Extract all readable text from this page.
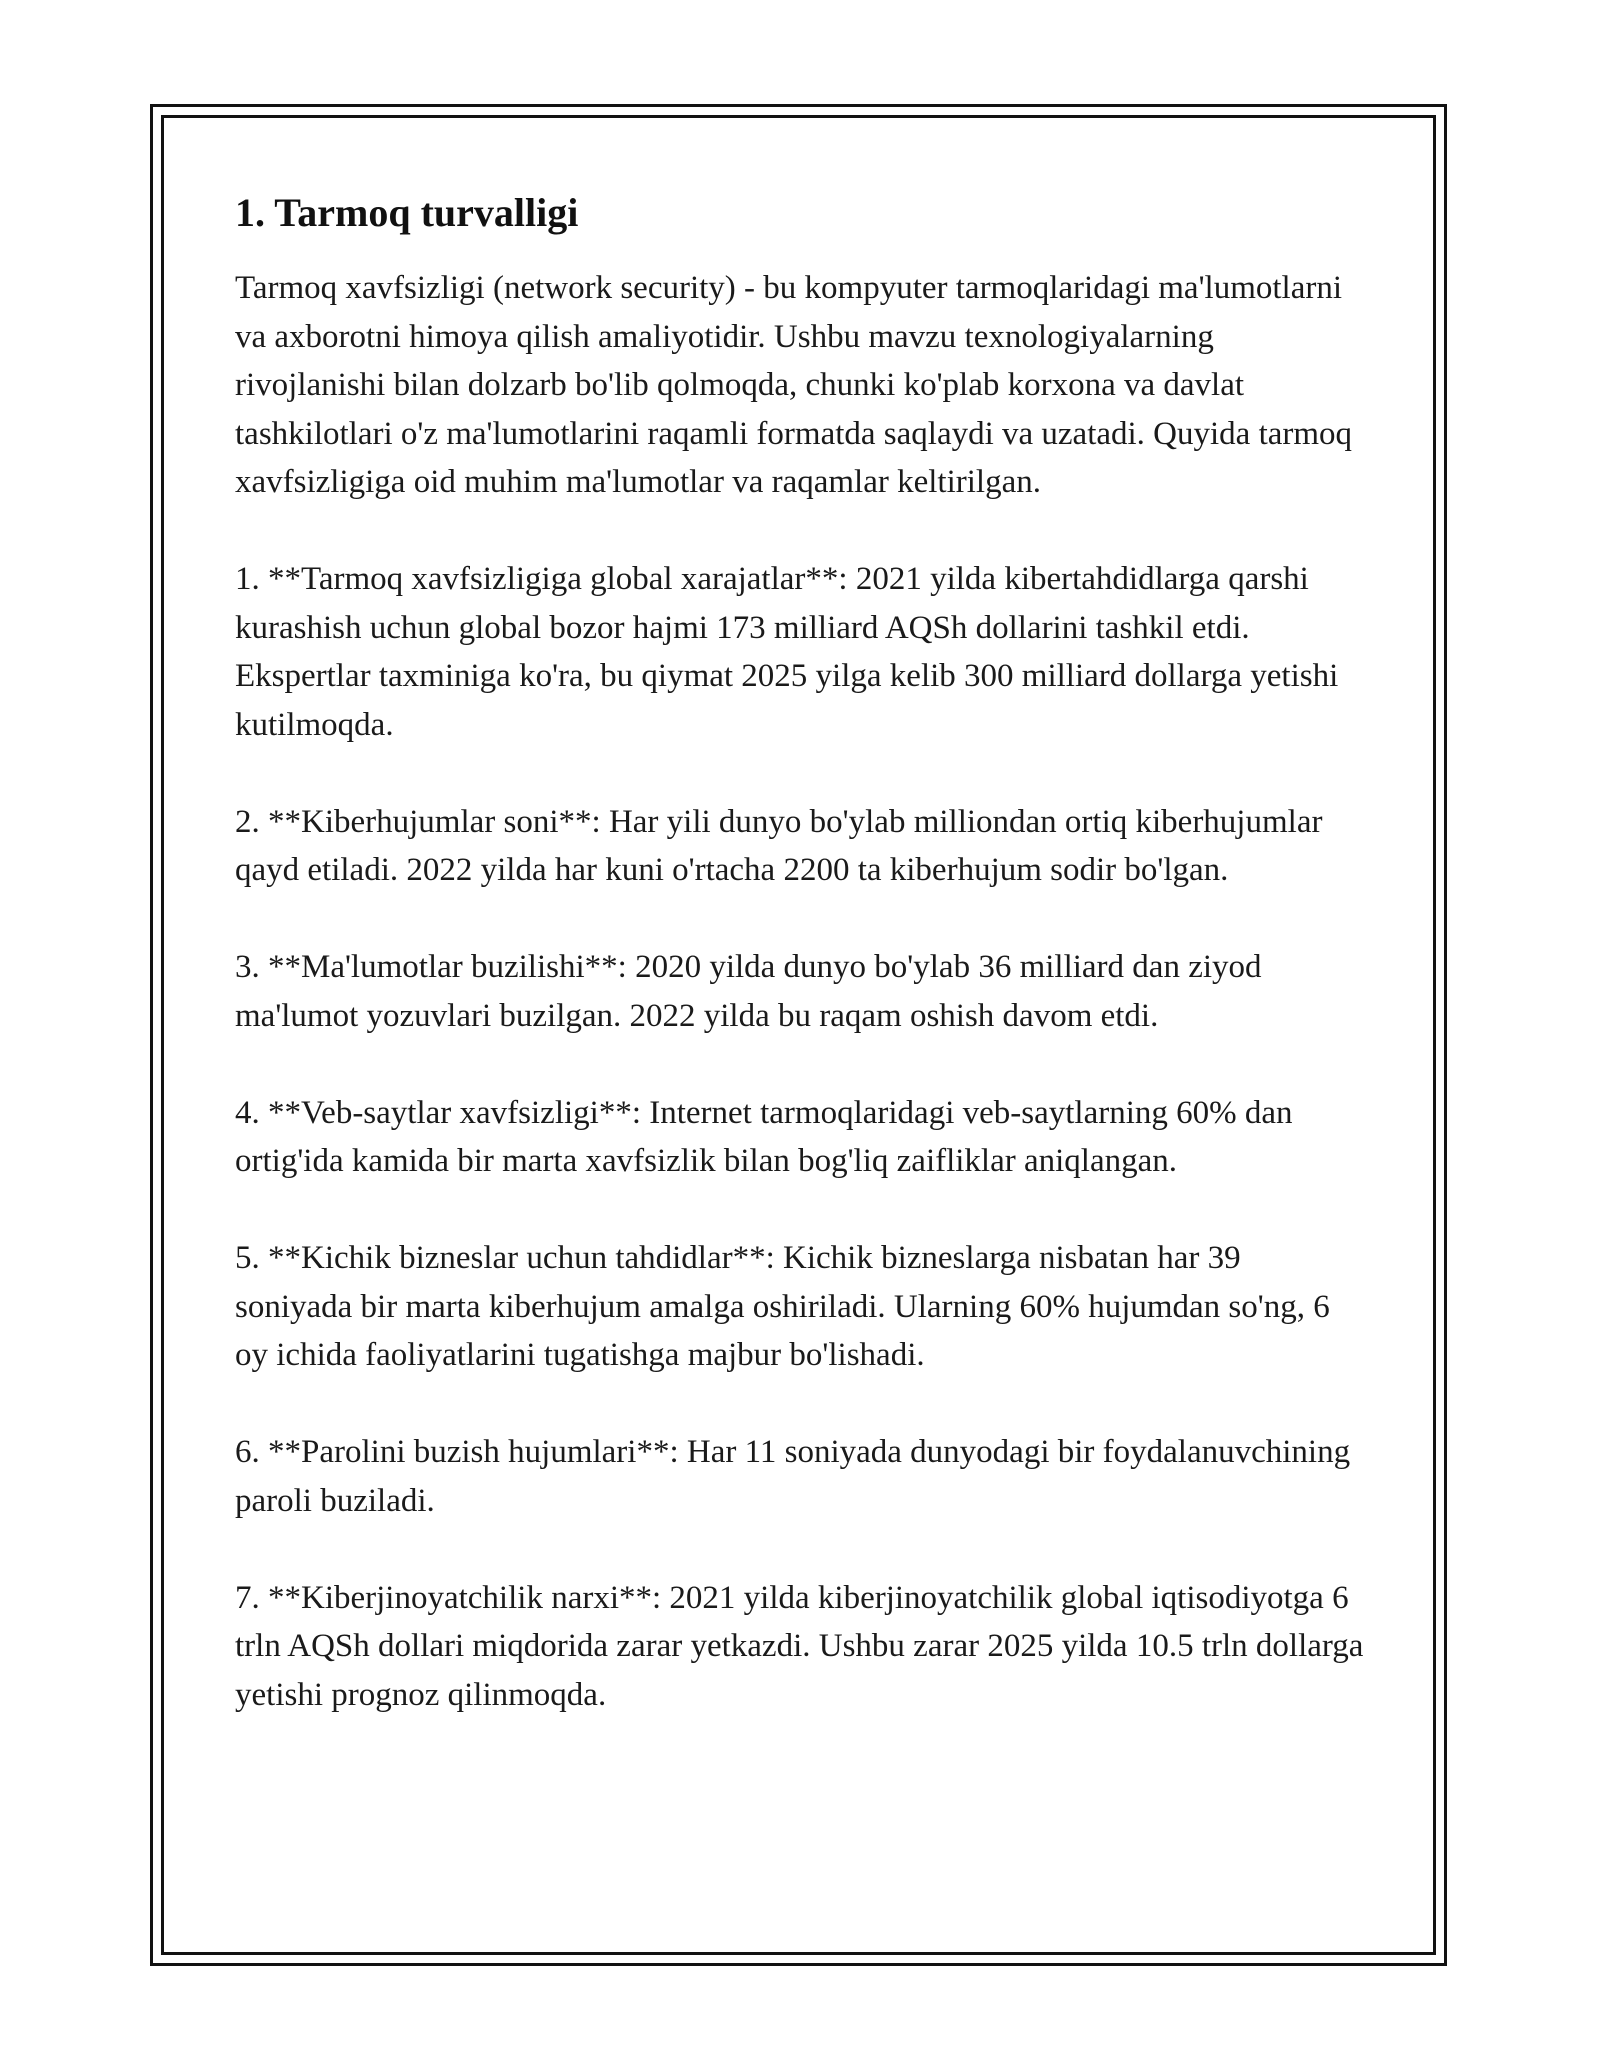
1. Tarmoq turvalligi

Tarmoq xavfsizligi (network security) - bu kompyuter tarmoqlaridagi ma'lumotlarni va axborotni himoya qilish amaliyotidir. Ushbu mavzu texnologiyalarning rivojlanishi bilan dolzarb bo'lib qolmoqda, chunki ko'plab korxona va davlat tashkilotlari o'z ma'lumotlarini raqamli formatda saqlaydi va uzatadi. Quyida tarmoq xavfsizligiga oid muhim ma'lumotlar va raqamlar keltirilgan.

1. **Tarmoq xavfsizligiga global xarajatlar**: 2021 yilda kibertahdidlarga qarshi kurashish uchun global bozor hajmi 173 milliard AQSh dollarini tashkil etdi. Ekspertlar taxminiga ko'ra, bu qiymat 2025 yilga kelib 300 milliard dollarga yetishi kutilmoqda.

2. **Kiberhujumlar soni**: Har yili dunyo bo'ylab milliondan ortiq kiberhujumlar qayd etiladi. 2022 yilda har kuni o'rtacha 2200 ta kiberhujum sodir bo'lgan.

3. **Ma'lumotlar buzilishi**: 2020 yilda dunyo bo'ylab 36 milliard dan ziyod ma'lumot yozuvlari buzilgan. 2022 yilda bu raqam oshish davom etdi.

4. **Veb-saytlar xavfsizligi**: Internet tarmoqlaridagi veb-saytlarning 60% dan ortig'ida kamida bir marta xavfsizlik bilan bog'liq zaifliklar aniqlangan.

5. **Kichik bizneslar uchun tahdidlar**: Kichik bizneslarga nisbatan har 39 soniyada bir marta kiberhujum amalga oshiriladi. Ularning 60% hujumdan so'ng, 6 oy ichida faoliyatlarini tugatishga majbur bo'lishadi.

6. **Parolini buzish hujumlari**: Har 11 soniyada dunyodagi bir foydalanuvchining paroli buziladi.

7. **Kiberjinoyatchilik narxi**: 2021 yilda kiberjinoyatchilik global iqtisodiyotga 6 trln AQSh dollari miqdorida zarar yetkazdi. Ushbu zarar 2025 yilda 10.5 trln dollarga yetishi prognoz qilinmoqda.
